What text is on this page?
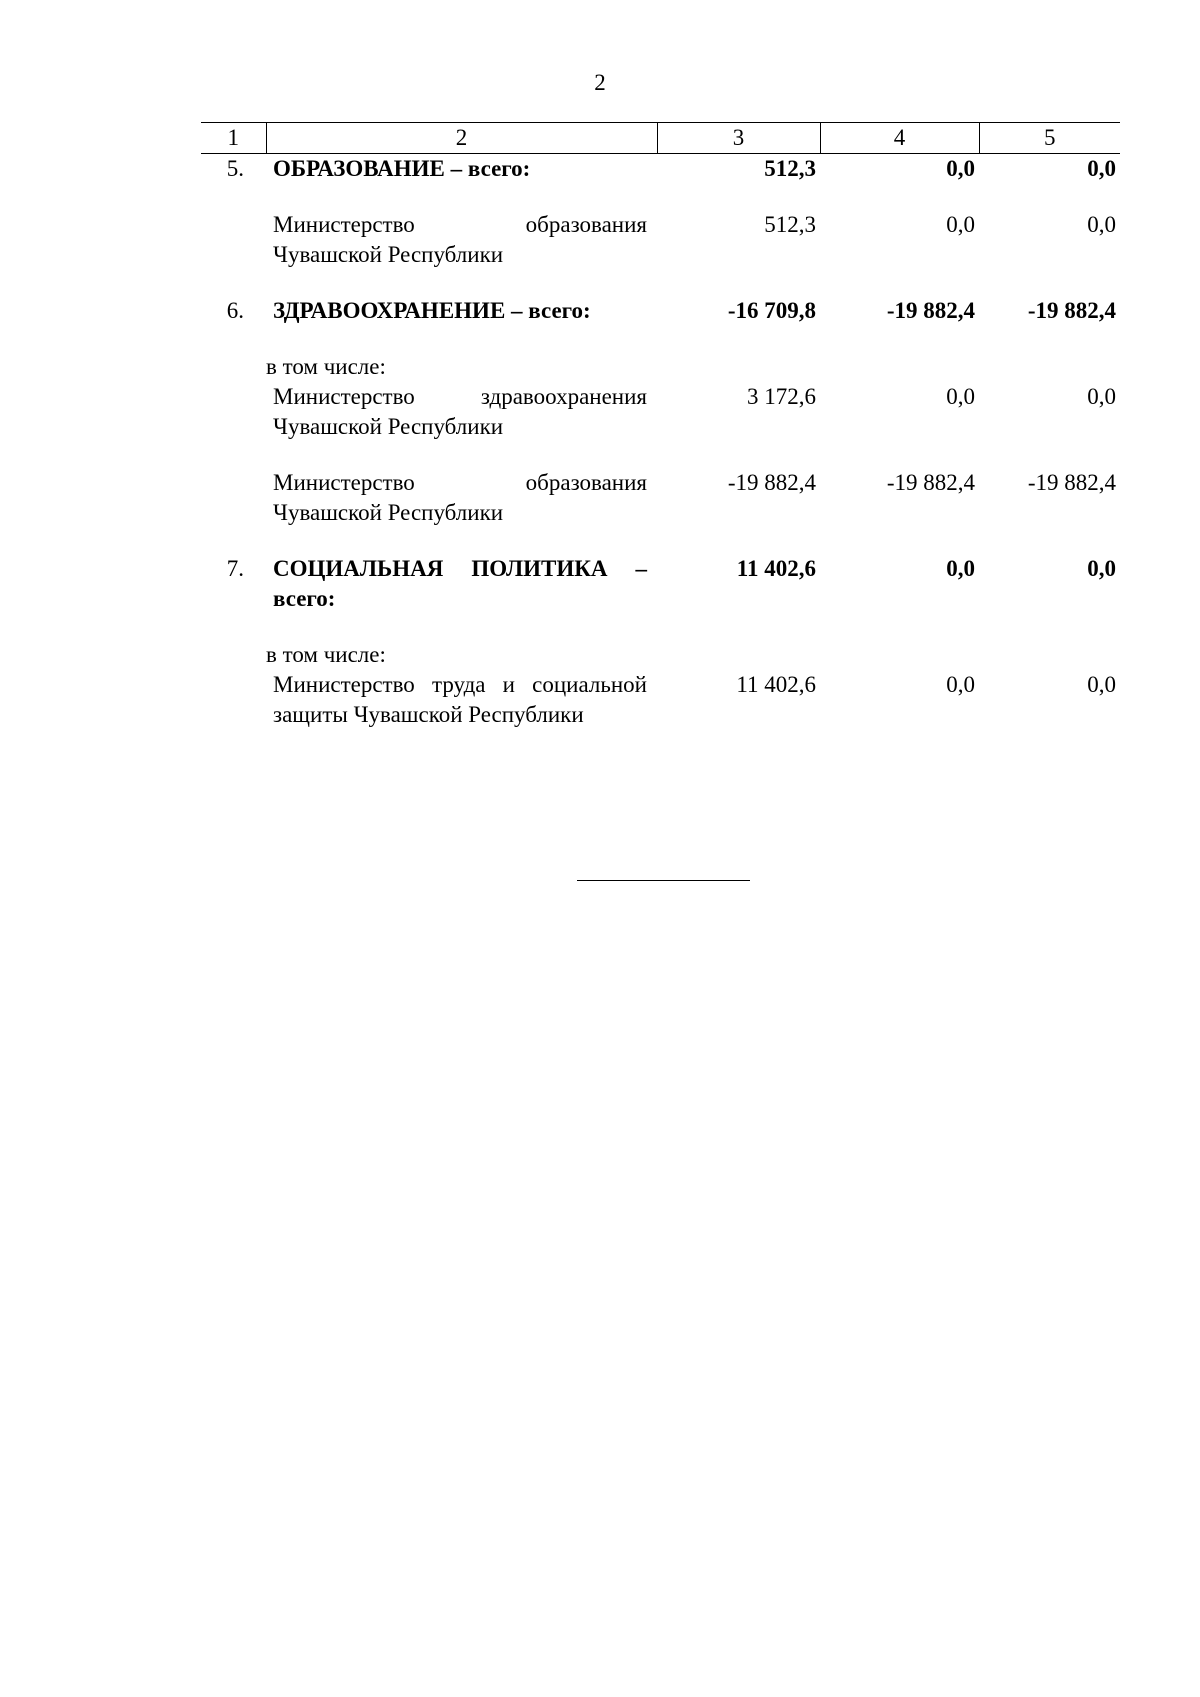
2
1	2	3	4	5
5.	ОБРАЗОВАНИЕ – всего:	512,3	0,0	0,0

	Министерство образования Чувашской Республики	512,3	0,0	0,0

6.	ЗДРАВООХРАНЕНИЕ – всего:	-16 709,8	-19 882,4	-19 882,4

	в том числе:			
	Министерство здравоохранения Чувашской Республики	3 172,6	0,0	0,0

	Министерство образования Чувашской Республики	-19 882,4	-19 882,4	-19 882,4

7.	СОЦИАЛЬНАЯ ПОЛИТИКА – всего:	11 402,6	0,0	0,0

	в том числе:			
	Министерство труда и социальной защиты Чувашской Республики	11 402,6	0,0	0,0
